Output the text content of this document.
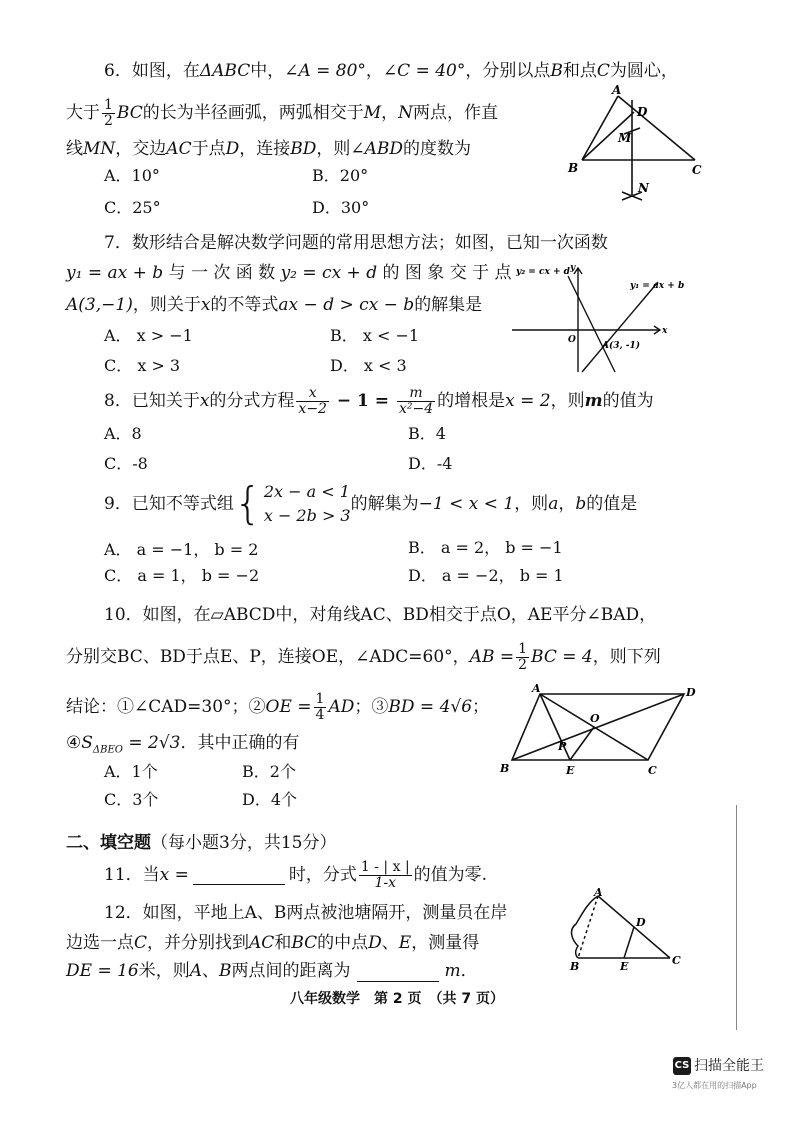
6．如图，在ΔABC中，∠A = 80°，∠C = 40°，分别以点B和点C为圆心，
大于 $\frac{1}{2}$ BC的长为半径画弧，两弧相交于M，N两点，作直
线MN，交边AC于点D，连接BD，则∠ABD的度数为
A．10°	B．20°
C．25°	D．30°
A
D
M
B	C
N
7．数形结合是解决数学问题的常用思想方法；如图，已知一次函数
y₁ = ax + b 与 一 次 函 数 y₂ = cx + d 的 图 象 交 于 点
A(3,−1)，则关于x的不等式ax − d > cx − b的解集是
A． x > −1	B． x < −1
C． x > 3	D． x < 3
y₂ = cx + d
y₁ = ax + b
y
x
O
A(3, -1)
8．已知关于x的分式方程 $\frac{x}{x-2} - 1 = \frac{m}{\text{x²−4}}$ 的增根是x = 2，则m的值为
A．8	B．4
C．-8	D．-4
9．已知不等式组 { 2x − a < 1
x − 2b > 3
的解集为 −1 < x < 1 ，则 a ， b 的值是
A． a = −1， b = 2	B． a = 2， b = −1
C． a = 1， b = −2	D． a = −2， b = 1
10．如图，在▱ABCD中，对角线AC、BD相交于点O，AE平分∠BAD，
分别交BC、BD于点E、P，连接OE，∠ADC=60°，AB = $\frac{1}{2}$ BC = 4，则下列
结论：①∠CAD=30°；②OE = $\frac{1}{4}$ AD；③BD = 4√6；
$④S_{\Delta BEO} = 2√3$．其中正确的有
A．1个	B．2个
C．3个	D．4个
A	D
O
P
B	E	C
二、填空题（每小题3分，共15分）
11．当 x =	时，分式 $\frac{1 - | x |}{1-x}$ 的值为零.
12．如图，平地上A、B两点被池塘隔开，测量员在岸
边选一点C，并分别找到AC和BC的中点D、E，测量得
DE = 16 米，则 A 、 B 两点间的距离为	m ．
A
D
B	E	C
八年级数学　第 2 页　（共 7 页）
CS 扫描全能王
3亿人都在用的扫描App
